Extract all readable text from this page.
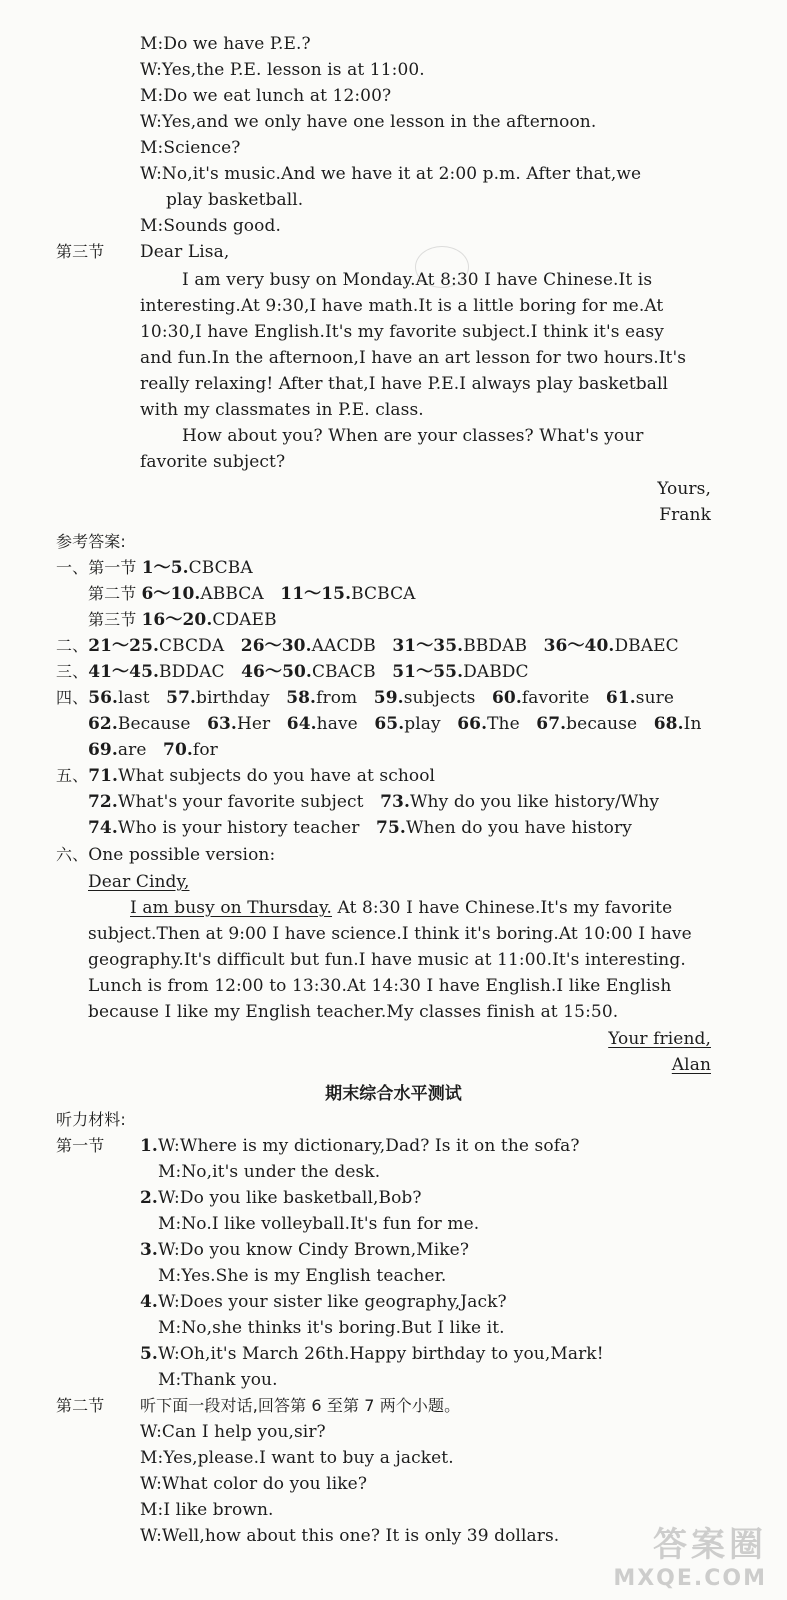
M:Do we have P.E.?
W:Yes,the P.E. lesson is at 11:00.
M:Do we eat lunch at 12:00?
W:Yes,and we only have one lesson in the afternoon.
M:Science?
W:No,it's music.And we have it at 2:00 p.m. After that,we
play basketball.
M:Sounds good.
第三节 Dear Lisa,
I am very busy on Monday.At 8:30 I have Chinese.It is
interesting.At 9:30,I have math.It is a little boring for me.At
10:30,I have English.It's my favorite subject.I think it's easy
and fun.In the afternoon,I have an art lesson for two hours.It's
really relaxing! After that,I have P.E.I always play basketball
with my classmates in P.E. class.
How about you? When are your classes? What's your
favorite subject?
Yours,
Frank
参考答案:
一、第一节 1～5.CBCBA
第二节 6～10.ABBCA 11～15.BCBCA
第三节 16～20.CDAEB
二、21～25.CBCDA 26～30.AACDB 31～35.BBDAB 36～40.DBAEC
三、41～45.BDDAC 46～50.CBACB 51～55.DABDC
四、56.last 57.birthday 58.from 59.subjects 60.favorite 61.sure
62.Because 63.Her 64.have 65.play 66.The 67.because 68.In
69.are 70.for
五、71.What subjects do you have at school
72.What's your favorite subject 73.Why do you like history/Why
74.Who is your history teacher 75.When do you have history
六、One possible version:
Dear Cindy,
I am busy on Thursday. At 8:30 I have Chinese.It's my favorite
subject.Then at 9:00 I have science.I think it's boring.At 10:00 I have
geography.It's difficult but fun.I have music at 11:00.It's interesting.
Lunch is from 12:00 to 13:30.At 14:30 I have English.I like English
because I like my English teacher.My classes finish at 15:50.
Your friend,
Alan
期末综合水平测试
听力材料:
第一节 1.W:Where is my dictionary,Dad? Is it on the sofa?
M:No,it's under the desk.
2.W:Do you like basketball,Bob?
M:No.I like volleyball.It's fun for me.
3.W:Do you know Cindy Brown,Mike?
M:Yes.She is my English teacher.
4.W:Does your sister like geography,Jack?
M:No,she thinks it's boring.But I like it.
5.W:Oh,it's March 26th.Happy birthday to you,Mark!
M:Thank you.
第二节 听下面一段对话,回答第 6 至第 7 两个小题。
W:Can I help you,sir?
M:Yes,please.I want to buy a jacket.
W:What color do you like?
M:I like brown.
W:Well,how about this one? It is only 39 dollars.	答案圈
MXQE.COM
